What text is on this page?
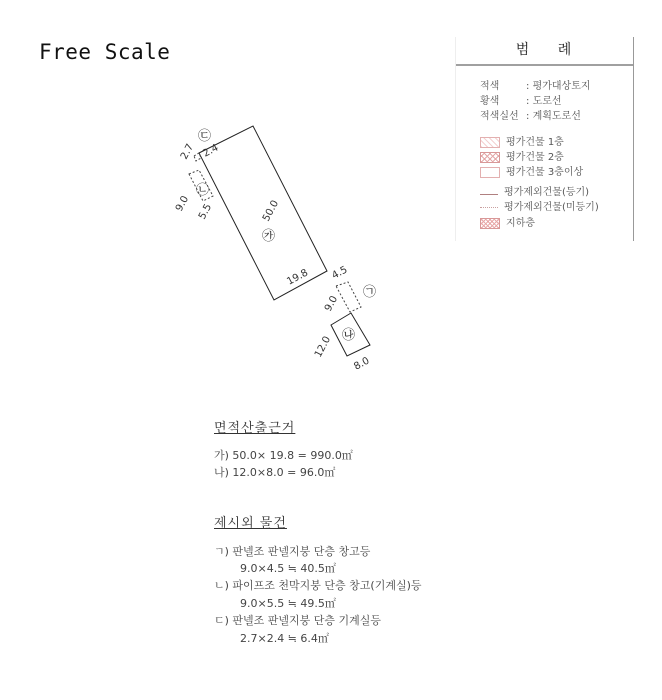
Free Scale	범 례
적색	: 평가대상토지
황색	: 도로선
적색실선 : 계획도로선
평가건물 1층
평가건물 2층
평가건물 3층이상
평가제외건물(등기)
평가제외건물(미등기)
지하층
50.0
19.8
12.0
8.0
9.0
4.5
9.0 5.5
2.7 2.4
㉮
㉯
㉠
㉡
㉢
면적산출근거
가) 50.0× 19.8 = 990.0㎡
나) 12.0×8.0 = 96.0㎡
제시외 물건
ㄱ) 판넬조 판넬지붕 단층 창고등
9.0×4.5 ≒ 40.5㎡
ㄴ) 파이프조 천막지붕 단층 창고(기계실)등
9.0×5.5 ≒ 49.5㎡
ㄷ) 판넬조 판넬지붕 단층 기계실등
2.7×2.4 ≒ 6.4㎡
